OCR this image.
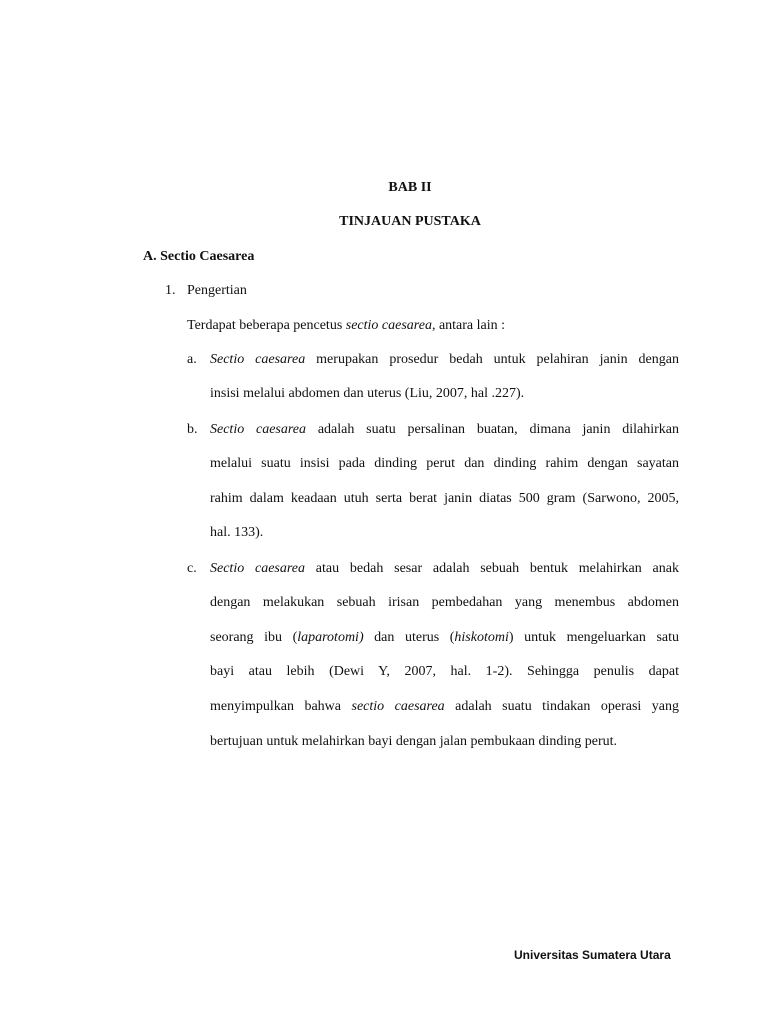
BAB II
TINJAUAN PUSTAKA
A. Sectio Caesarea
1. Pengertian
Terdapat beberapa pencetus sectio caesarea, antara lain :
a. Sectio caesarea merupakan prosedur bedah untuk pelahiran janin dengan
insisi melalui abdomen dan uterus (Liu, 2007, hal .227).
b. Sectio caesarea adalah suatu persalinan buatan, dimana janin dilahirkan
melalui suatu insisi pada dinding perut dan dinding rahim dengan sayatan
rahim dalam keadaan utuh serta berat janin diatas 500 gram (Sarwono, 2005,
hal. 133).
c. Sectio caesarea atau bedah sesar adalah sebuah bentuk melahirkan anak
dengan melakukan sebuah irisan pembedahan yang menembus abdomen
seorang ibu (laparotomi) dan uterus (hiskotomi) untuk mengeluarkan satu
bayi atau lebih (Dewi Y, 2007, hal. 1-2). Sehingga penulis dapat
menyimpulkan bahwa sectio caesarea adalah suatu tindakan operasi yang
bertujuan untuk melahirkan bayi dengan jalan pembukaan dinding perut.
Universitas Sumatera Utara
